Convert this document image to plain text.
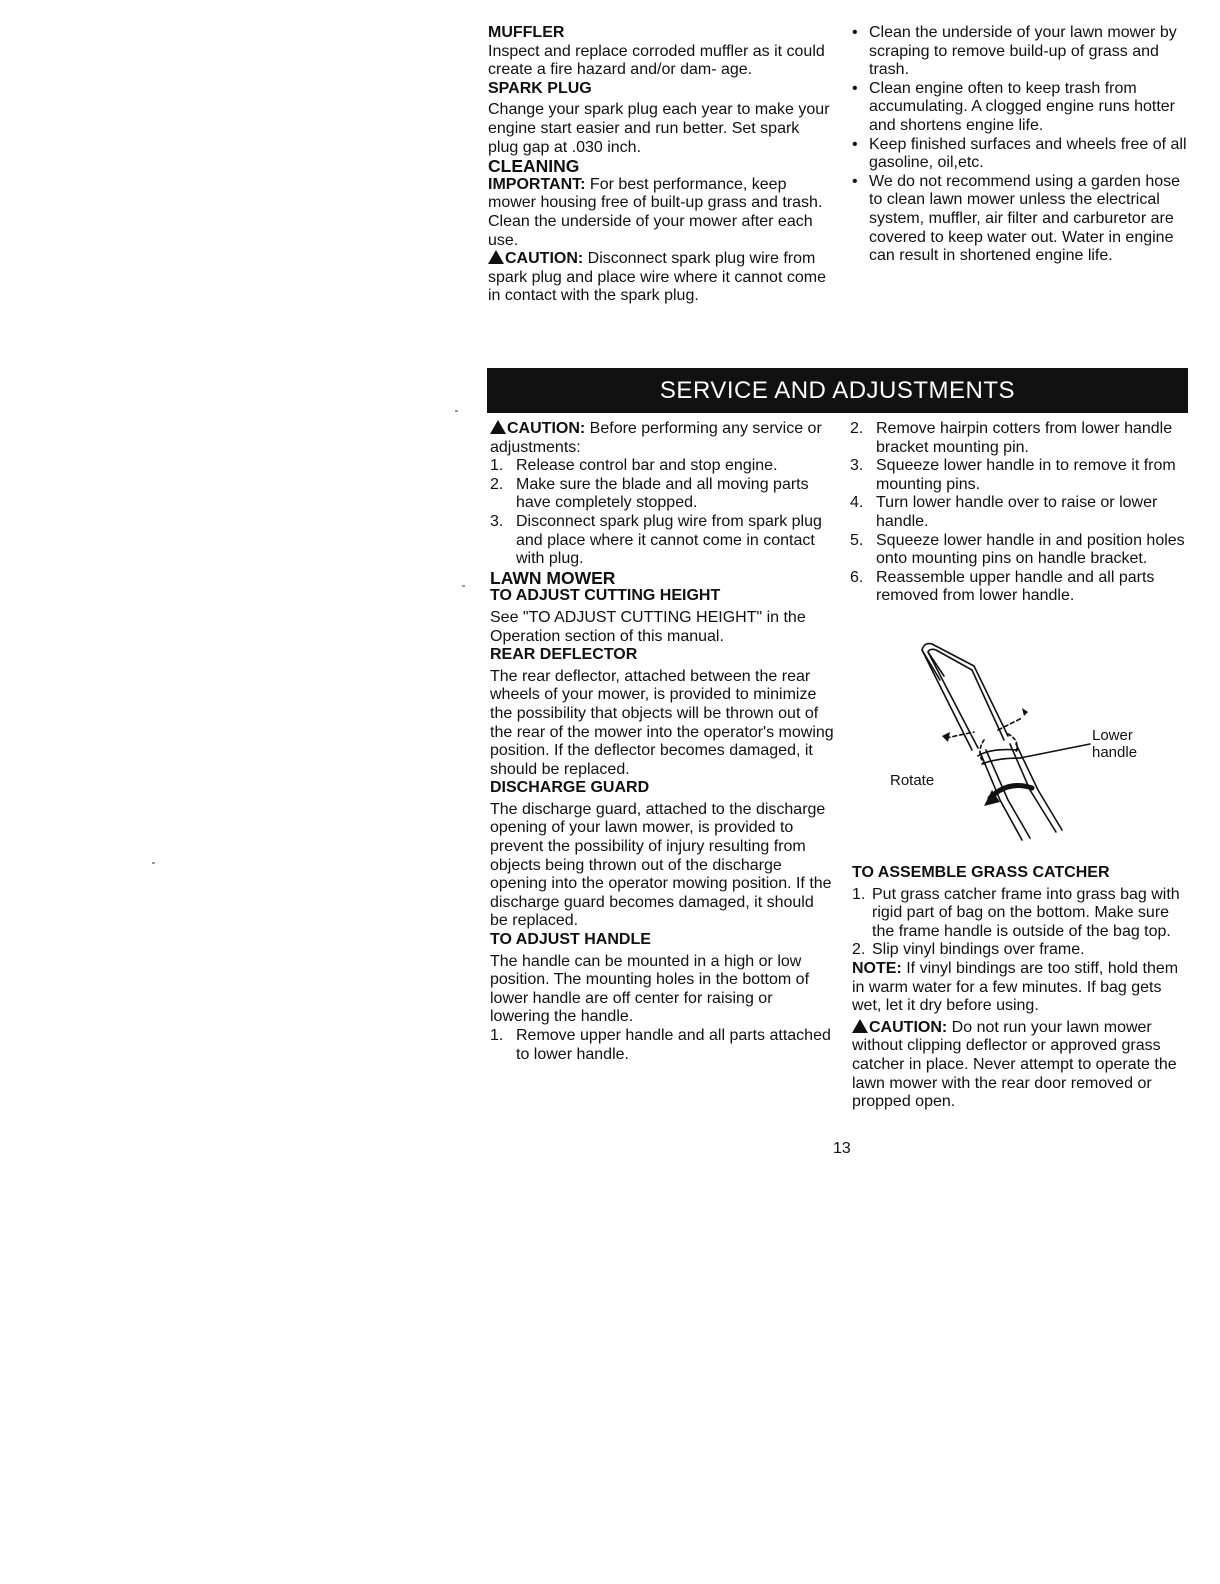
MUFFLER

Inspect and replace corroded muffler as it could create a fire hazard and/or dam- age.

SPARK PLUG

Change your spark plug each year to make your engine start easier and run better. Set spark plug gap at .030 inch.

CLEANING

IMPORTANT: For best performance, keep mower housing free of built-up grass and trash. Clean the underside of your mower after each use.

CAUTION: Disconnect spark plug wire from spark plug and place wire where it cannot come in contact with the spark plug.

• Clean the underside of your lawn mower by scraping to remove build-up of grass and trash.

• Clean engine often to keep trash from accumulating. A clogged engine runs hotter and shortens engine life.

• Keep finished surfaces and wheels free of all gasoline, oil,etc.

• We do not recommend using a garden hose to clean lawn mower unless the electrical system, muffler, air filter and carburetor are covered to keep water out. Water in engine can result in shortened engine life.

SERVICE AND ADJUSTMENTS

CAUTION: Before performing any service or adjustments:

1. Release control bar and stop engine.

2. Make sure the blade and all moving parts have completely stopped.

3. Disconnect spark plug wire from spark plug and place where it cannot come in contact with plug.

LAWN MOWER

TO ADJUST CUTTING HEIGHT

See "TO ADJUST CUTTING HEIGHT" in the Operation section of this manual.

REAR DEFLECTOR

The rear deflector, attached between the rear wheels of your mower, is provided to minimize the possibility that objects will be thrown out of the rear of the mower into the operator's mowing position. If the deflector becomes damaged, it should be replaced.

DISCHARGE GUARD

The discharge guard, attached to the discharge opening of your lawn mower, is provided to prevent the possibility of injury resulting from objects being thrown out of the discharge opening into the operator mowing position. If the discharge guard becomes damaged, it should be replaced.

TO ADJUST HANDLE

The handle can be mounted in a high or low position. The mounting holes in the bottom of lower handle are off center for raising or lowering the handle.

1. Remove upper handle and all parts attached to lower handle.

2. Remove hairpin cotters from lower handle bracket mounting pin.

3. Squeeze lower handle in to remove it from mounting pins.

4. Turn lower handle over to raise or lower handle.

5. Squeeze lower handle in and position holes onto mounting pins on handle bracket.

6. Reassemble upper handle and all parts removed from lower handle.

Lower
handle
Rotate

TO ASSEMBLE GRASS CATCHER

1. Put grass catcher frame into grass bag with rigid part of bag on the bottom. Make sure the frame handle is outside of the bag top.

2. Slip vinyl bindings over frame.

NOTE: If vinyl bindings are too stiff, hold them in warm water for a few minutes. If bag gets wet, let it dry before using.

CAUTION: Do not run your lawn mower without clipping deflector or approved grass catcher in place. Never attempt to operate the lawn mower with the rear door removed or propped open.

13
